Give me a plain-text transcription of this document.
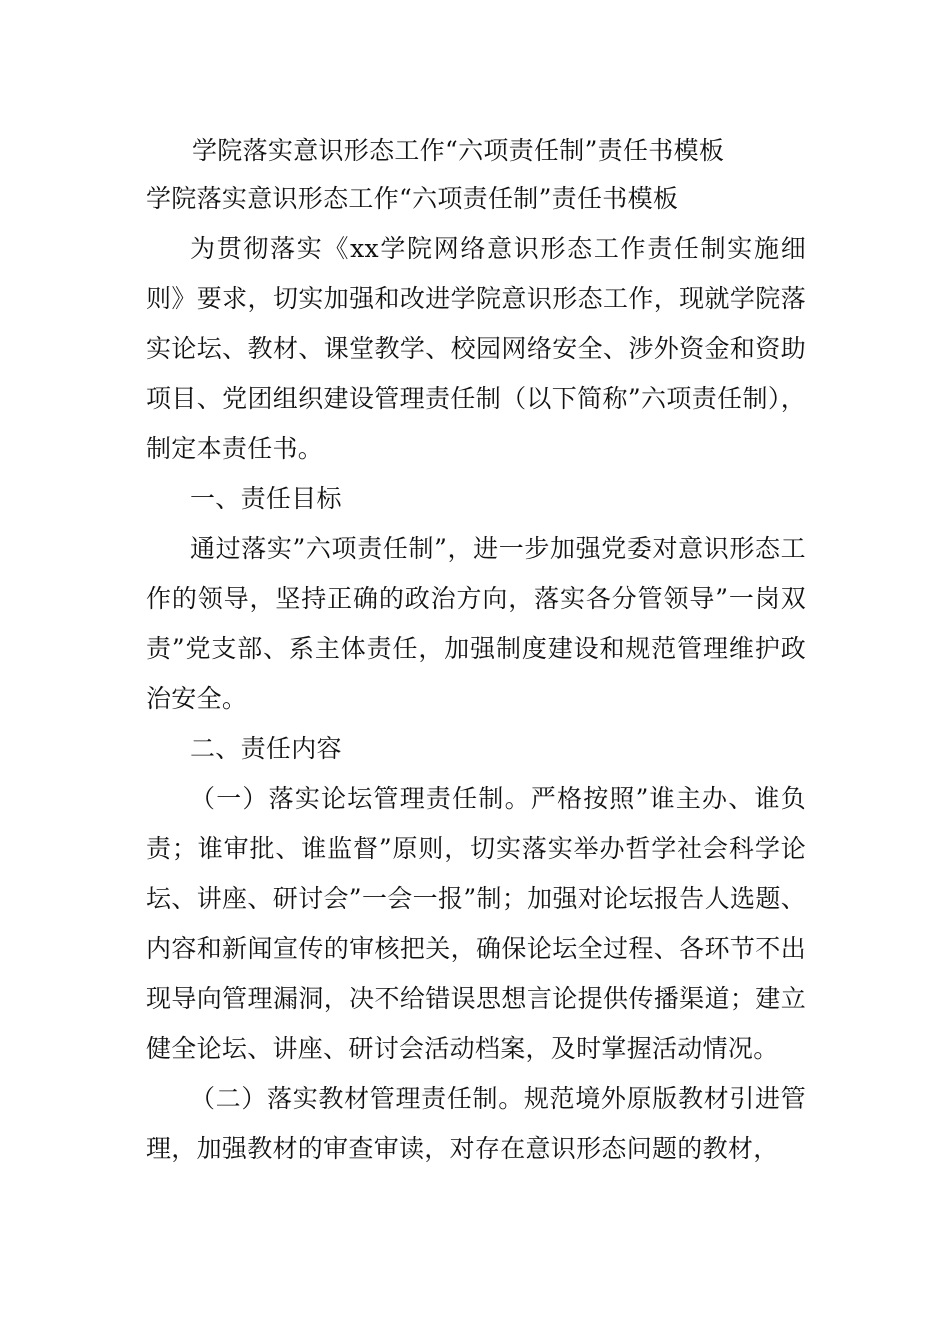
学院落实意识形态工作“六项责任制”责任书模板

学院落实意识形态工作“六项责任制”责任书模板

为贯彻落实《xx学院网络意识形态工作责任制实施细则》要求，切实加强和改进学院意识形态工作，现就学院落实论坛、教材、课堂教学、校园网络安全、涉外资金和资助项目、党团组织建设管理责任制（以下简称”六项责任制），制定本责任书。

一、责任目标

通过落实”六项责任制”，进一步加强党委对意识形态工作的领导，坚持正确的政治方向，落实各分管领导”一岗双责”党支部、系主体责任，加强制度建设和规范管理维护政治安全。

二、责任内容

（一）落实论坛管理责任制。严格按照”谁主办、谁负责；谁审批、谁监督”原则，切实落实举办哲学社会科学论坛、讲座、研讨会”一会一报”制；加强对论坛报告人选题、内容和新闻宣传的审核把关，确保论坛全过程、各环节不出现导向管理漏洞，决不给错误思想言论提供传播渠道；建立健全论坛、讲座、研讨会活动档案，及时掌握活动情况。

（二）落实教材管理责任制。规范境外原版教材引进管理，加强教材的审查审读，对存在意识形态问题的教材，
